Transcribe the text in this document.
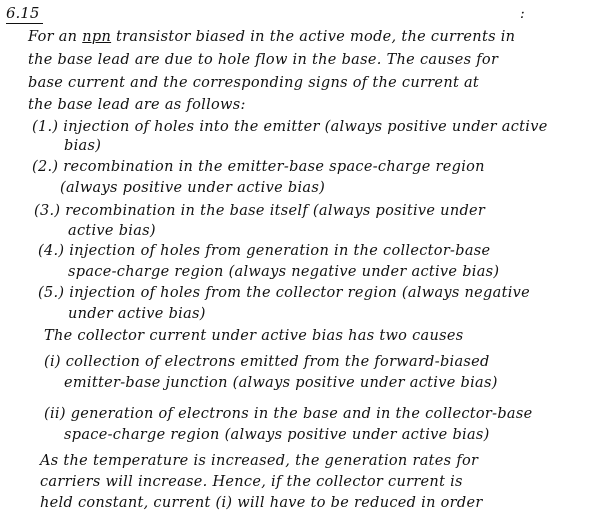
6.15	:
For an npn transistor biased in the active mode, the currents in
the base lead are due to hole flow in the base. The causes for
base current and the corresponding signs of the current at
the base lead are as follows:
(1.) injection of holes into the emitter (always positive under active
bias)
(2.) recombination in the emitter-base space-charge region
(always positive under active bias)
(3.) recombination in the base itself (always positive under
active bias)
(4.) injection of holes from generation in the collector-base
space-charge region (always negative under active bias)
(5.) injection of holes from the collector region (always negative
under active bias)
The collector current under active bias has two causes
(i) collection of electrons emitted from the forward-biased
emitter-base junction (always positive under active bias)
(ii) generation of electrons in the base and in the collector-base
space-charge region (always positive under active bias)
As the temperature is increased, the generation rates for
carriers will increase. Hence, if the collector current is
held constant, current (i) will have to be reduced in order
